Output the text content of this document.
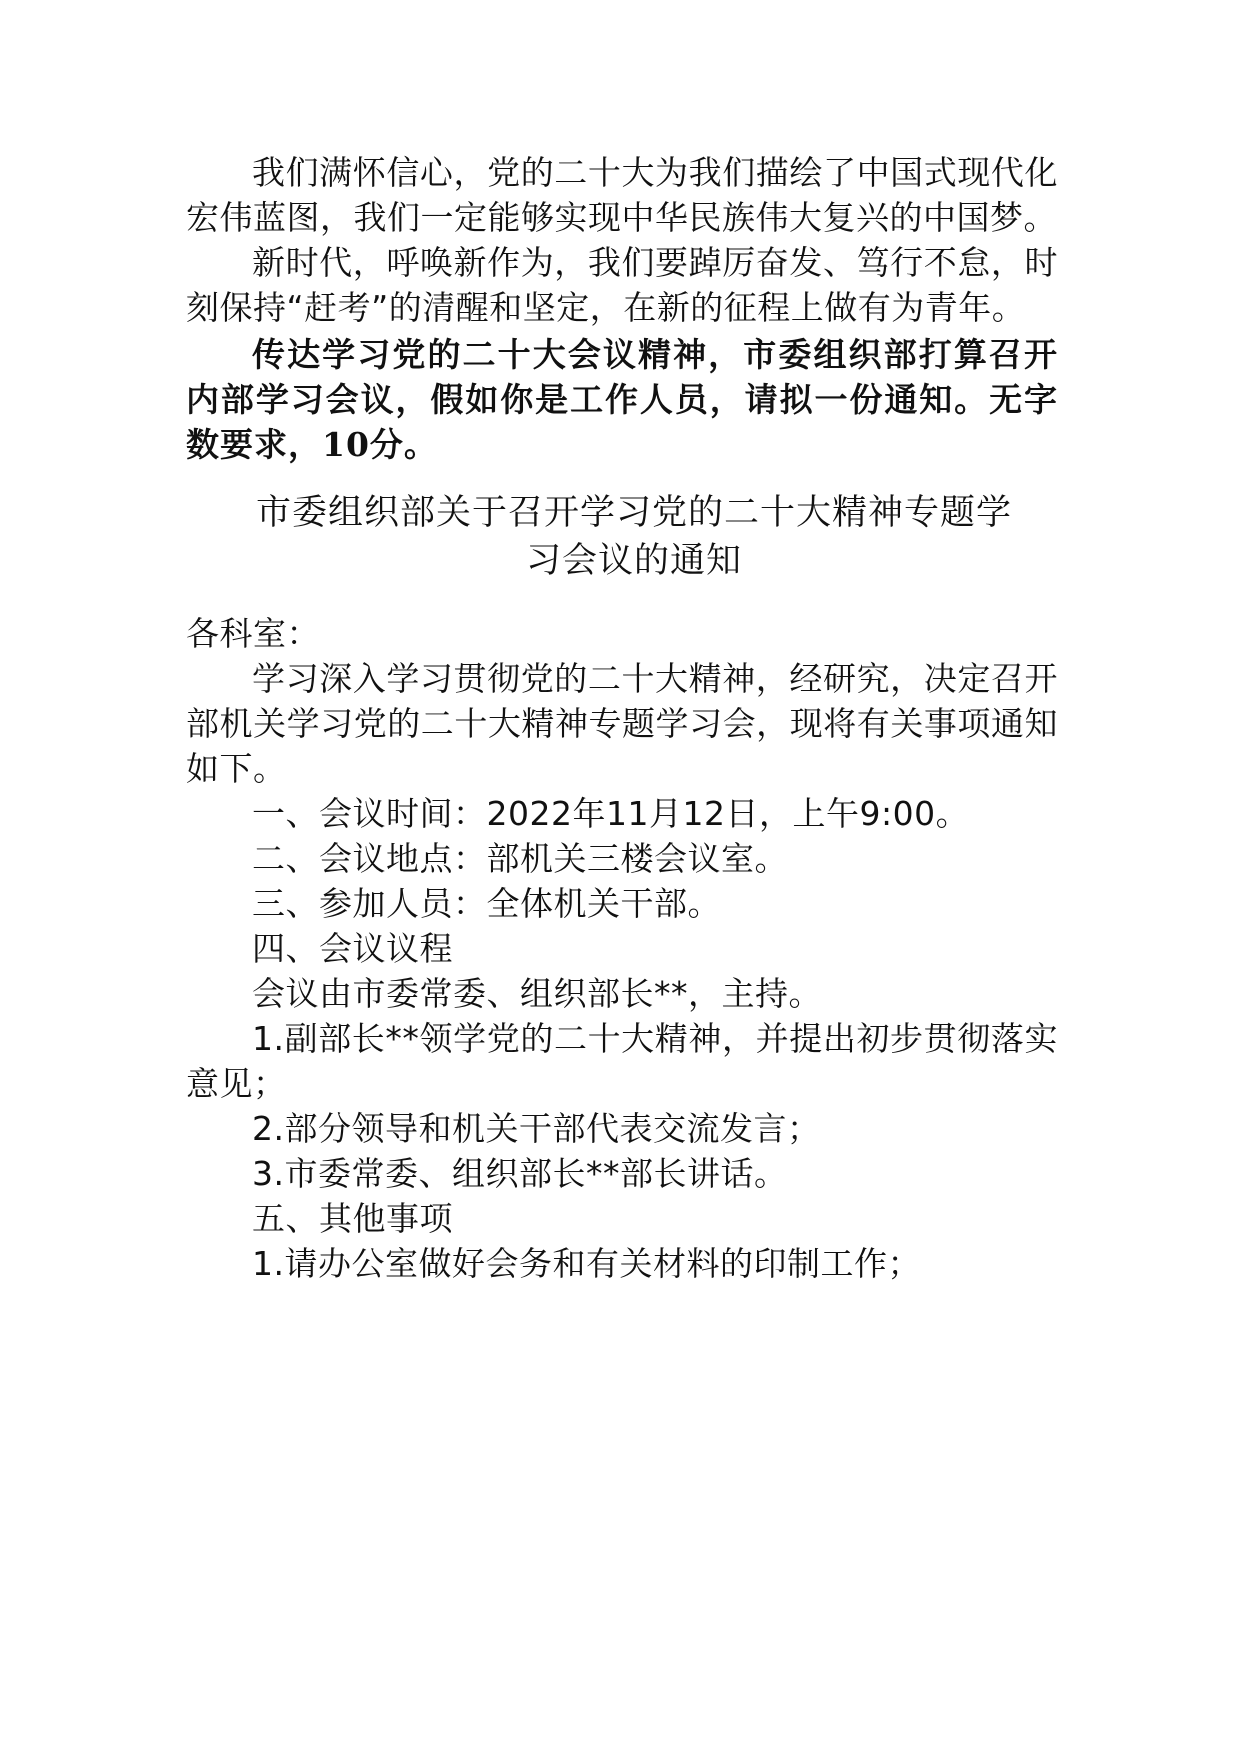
我们满怀信心，党的二十大为我们描绘了中国式现代化宏伟蓝图，我们一定能够实现中华民族伟大复兴的中国梦。

新时代，呼唤新作为，我们要踔厉奋发、笃行不怠，时刻保持“赶考”的清醒和坚定，在新的征程上做有为青年。

传达学习党的二十大会议精神，市委组织部打算召开内部学习会议，假如你是工作人员，请拟一份通知。无字数要求，10分。

市委组织部关于召开学习党的二十大精神专题学
习会议的通知

各科室：

学习深入学习贯彻党的二十大精神，经研究，决定召开部机关学习党的二十大精神专题学习会，现将有关事项通知如下。

一、会议时间：2022年11月12日，上午9:00。

二、会议地点：部机关三楼会议室。

三、参加人员：全体机关干部。

四、会议议程

会议由市委常委、组织部长**，主持。

1.副部长**领学党的二十大精神，并提出初步贯彻落实意见；

2.部分领导和机关干部代表交流发言；

3.市委常委、组织部长**部长讲话。

五、其他事项

1.请办公室做好会务和有关材料的印制工作；
